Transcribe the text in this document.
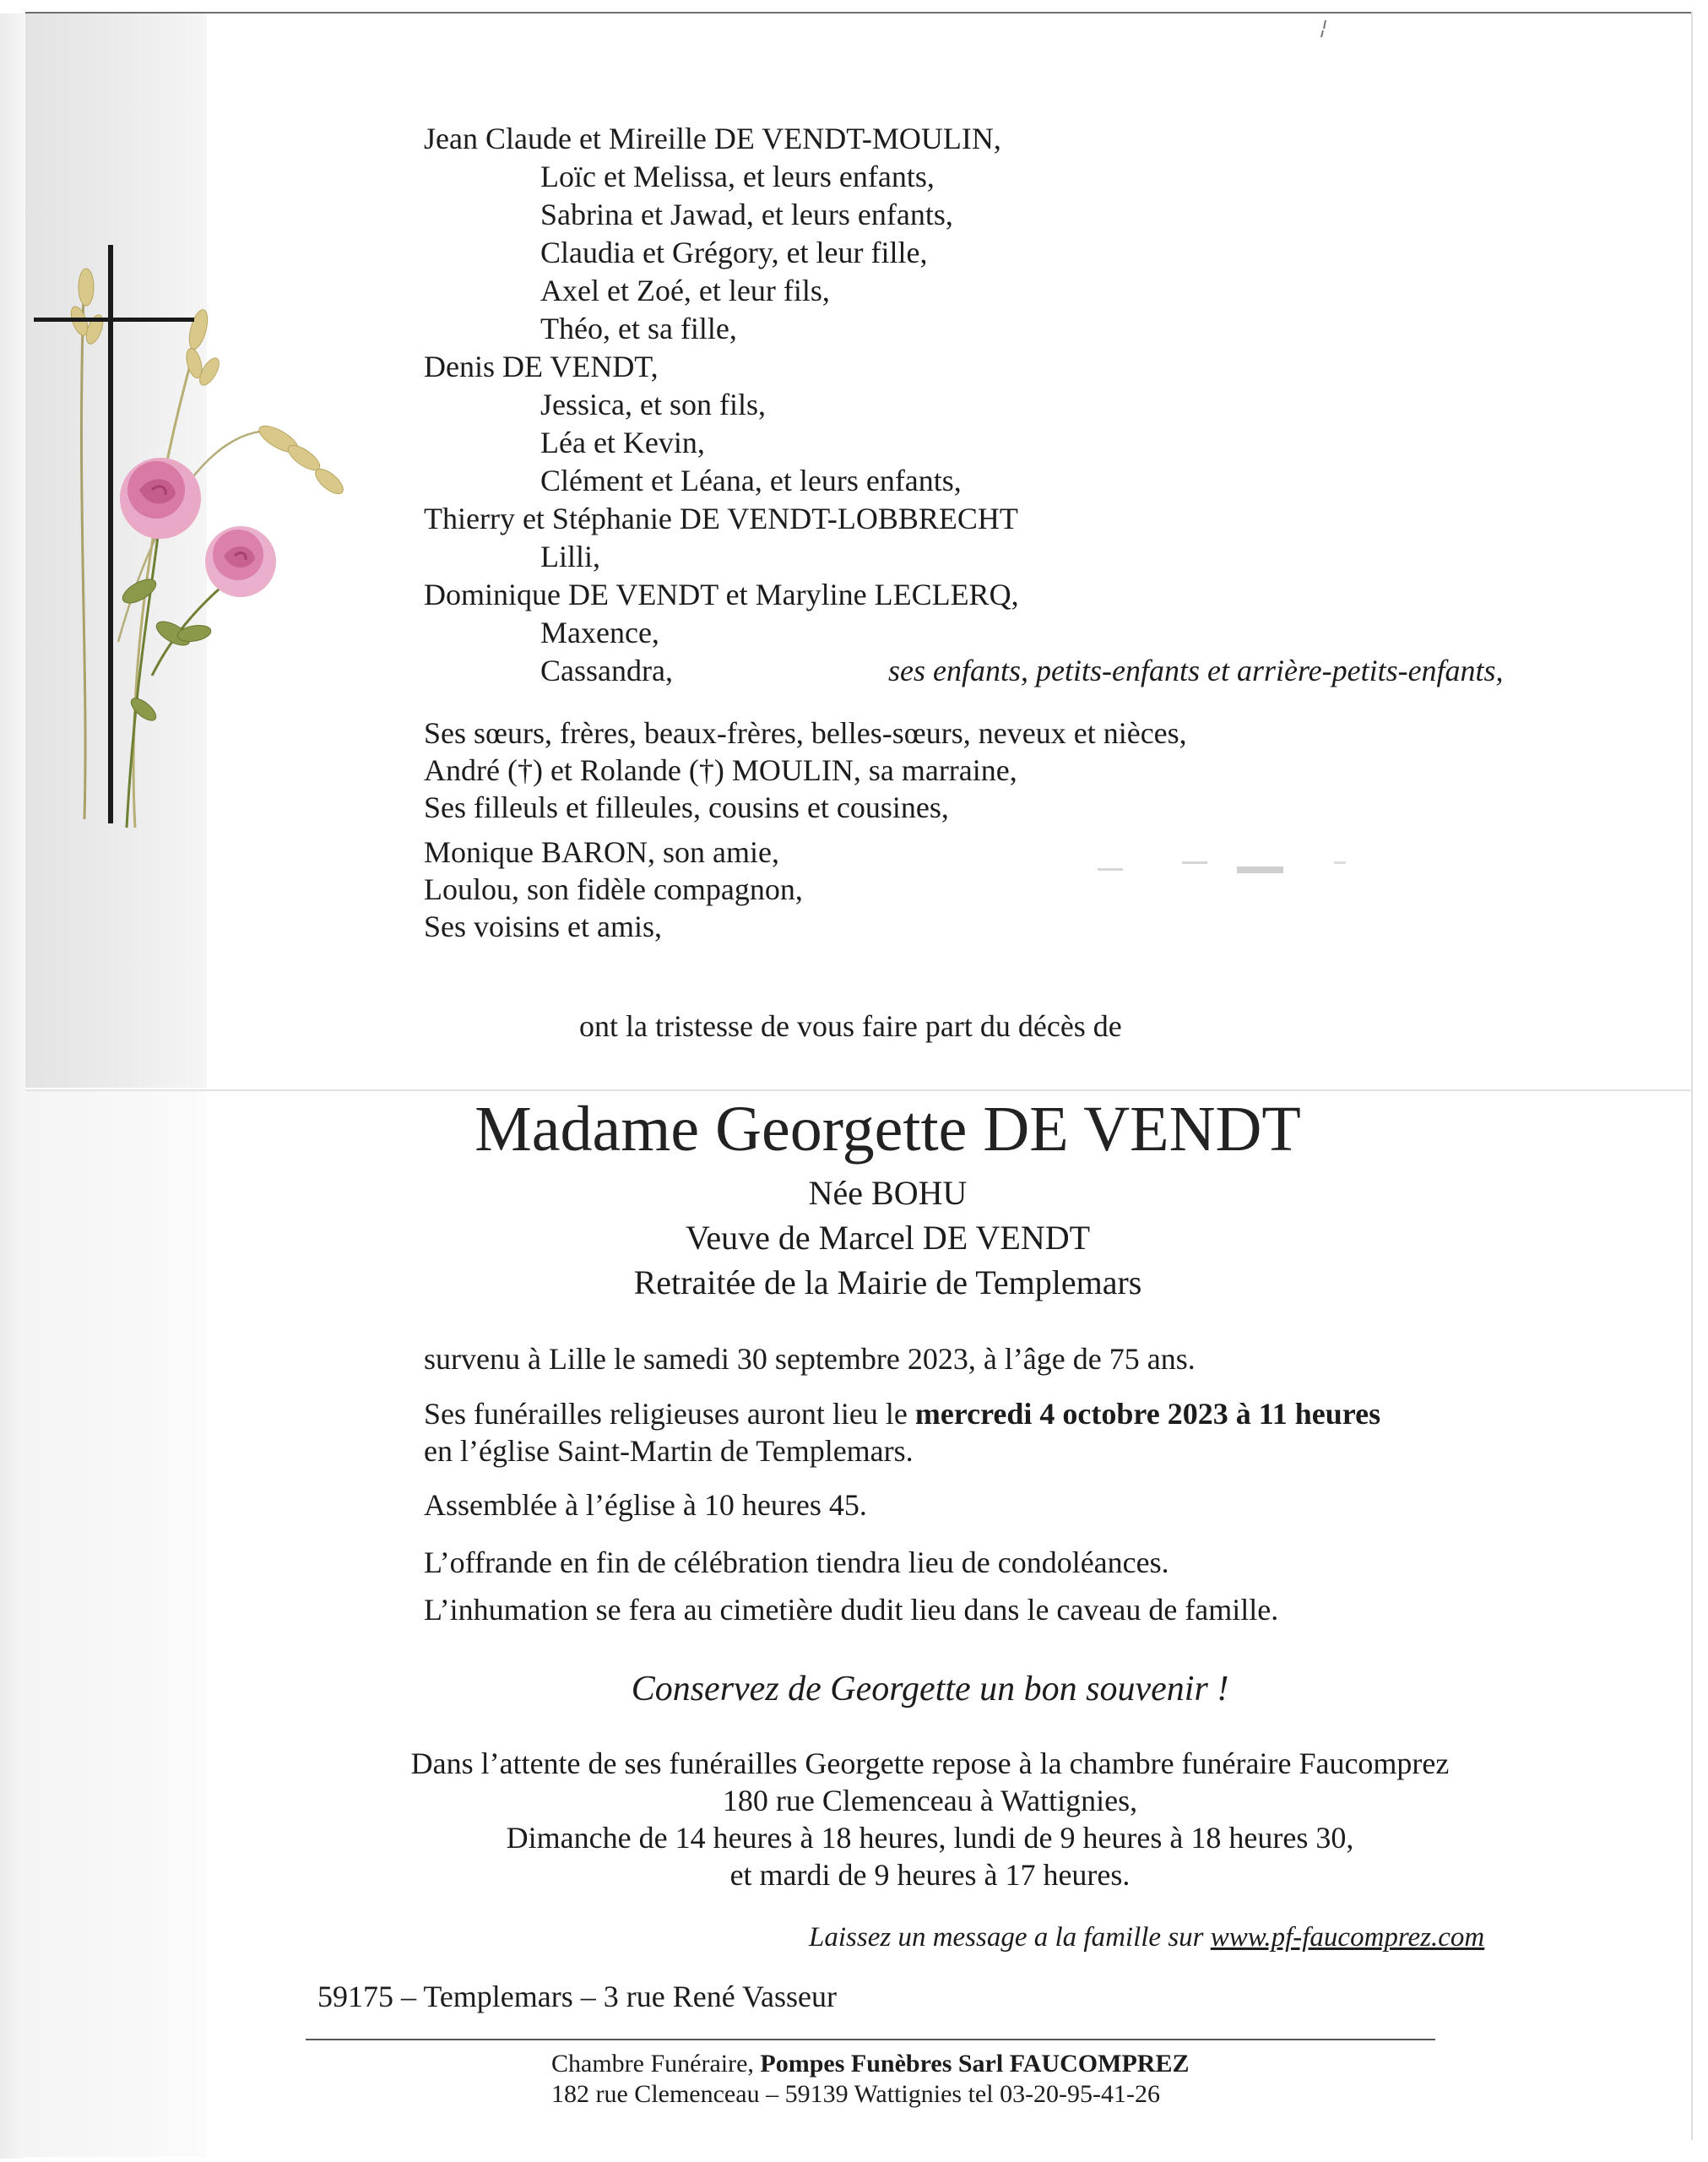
Jean Claude et Mireille DE VENDT-MOULIN,
Loïc et Melissa, et leurs enfants,
Sabrina et Jawad, et leurs enfants,
Claudia et Grégory, et leur fille,
Axel et Zoé, et leur fils,
Théo, et sa fille,
Denis DE VENDT,
Jessica, et son fils,
Léa et Kevin,
Clément et Léana, et leurs enfants,
Thierry et Stéphanie DE VENDT-LOBBRECHT
Lilli,
Dominique DE VENDT et Maryline LECLERQ,
Maxence,
Cassandra,	ses enfants, petits-enfants et arrière-petits-enfants,
Ses sœurs, frères, beaux-frères, belles-sœurs, neveux et nièces,
André (†) et Rolande (†) MOULIN, sa marraine,
Ses filleuls et filleules, cousins et cousines,
Monique BARON, son amie,
Loulou, son fidèle compagnon,
Ses voisins et amis,
ont la tristesse de vous faire part du décès de
Madame Georgette DE VENDT
Née BOHU
Veuve de Marcel DE VENDT
Retraitée de la Mairie de Templemars
survenu à Lille le samedi 30 septembre 2023, à l’âge de 75 ans.
Ses funérailles religieuses auront lieu le mercredi 4 octobre 2023 à 11 heures
en l’église Saint-Martin de Templemars.
Assemblée à l’église à 10 heures 45.
L’offrande en fin de célébration tiendra lieu de condoléances.
L’inhumation se fera au cimetière dudit lieu dans le caveau de famille.
Conservez de Georgette un bon souvenir !
Dans l’attente de ses funérailles Georgette repose à la chambre funéraire Faucomprez
180 rue Clemenceau à Wattignies,
Dimanche de 14 heures à 18 heures, lundi de 9 heures à 18 heures 30,
et mardi de 9 heures à 17 heures.
Laissez un message a la famille sur www.pf-faucomprez.com
59175 – Templemars – 3 rue René Vasseur
Chambre Funéraire, Pompes Funèbres Sarl FAUCOMPREZ
182 rue Clemenceau – 59139 Wattignies tel 03-20-95-41-26
